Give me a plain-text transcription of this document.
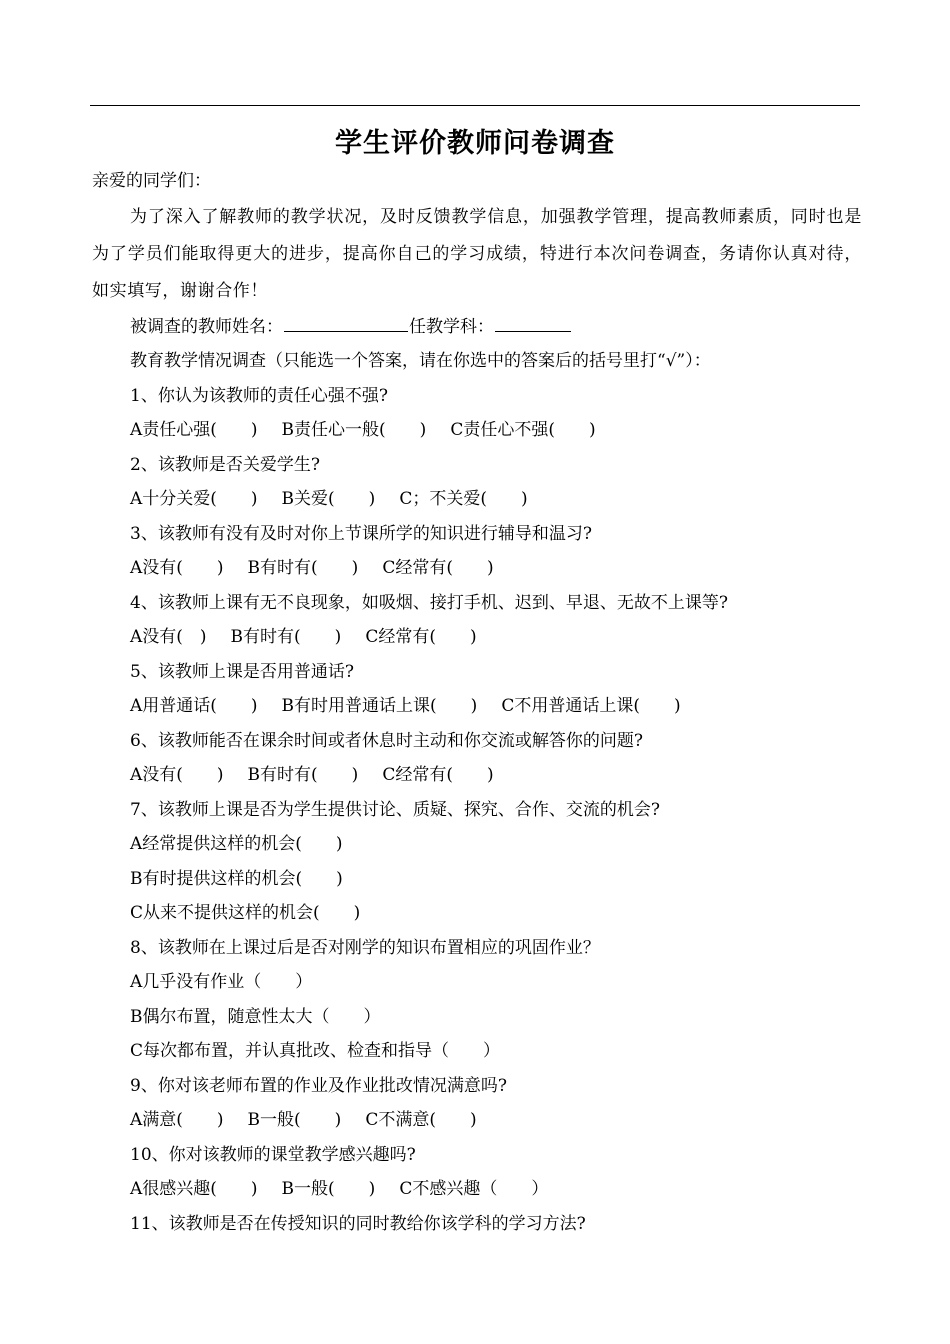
学生评价教师问卷调查
亲爱的同学们：

为了深入了解教师的教学状况，及时反馈教学信息，加强教学管理，提高教师素质，同时也是为了学员们能取得更大的进步，提高你自己的学习成绩，特进行本次问卷调查，务请你认真对待，如实填写，谢谢合作！

被调查的教师姓名：	任教学科：
教育教学情况调查（只能选一个答案，请在你选中的答案后的括号里打“√”）：
1、你认为该教师的责任心强不强?
A责任心强(　　) B责任心一般(　　) C责任心不强(　　)
2、该教师是否关爱学生?
A十分关爱(　　) B关爱(　　) C；不关爱(　　)
3、该教师有没有及时对你上节课所学的知识进行辅导和温习?
A没有(　　) B有时有(　　) C经常有(　　)
4、该教师上课有无不良现象，如吸烟、接打手机、迟到、早退、无故不上课等?
A没有(　) B有时有(　　) C经常有(　　)
5、该教师上课是否用普通话?
A用普通话(　　) B有时用普通话上课(　　) C不用普通话上课(　　)
6、该教师能否在课余时间或者休息时主动和你交流或解答你的问题?
A没有(　　) B有时有(　　) C经常有(　　)
7、该教师上课是否为学生提供讨论、质疑、探究、合作、交流的机会?
A经常提供这样的机会(　　)
B有时提供这样的机会(　　)
C从来不提供这样的机会(　　)
8、该教师在上课过后是否对刚学的知识布置相应的巩固作业？
A几乎没有作业（　　）
B偶尔布置，随意性太大（　　）
C每次都布置，并认真批改、检查和指导（　　）
9、你对该老师布置的作业及作业批改情况满意吗?
A满意(　　) B一般(　　) C不满意(　　)
10、你对该教师的课堂教学感兴趣吗?
A很感兴趣(　　) B一般(　　) C不感兴趣（　　）
11、该教师是否在传授知识的同时教给你该学科的学习方法?
